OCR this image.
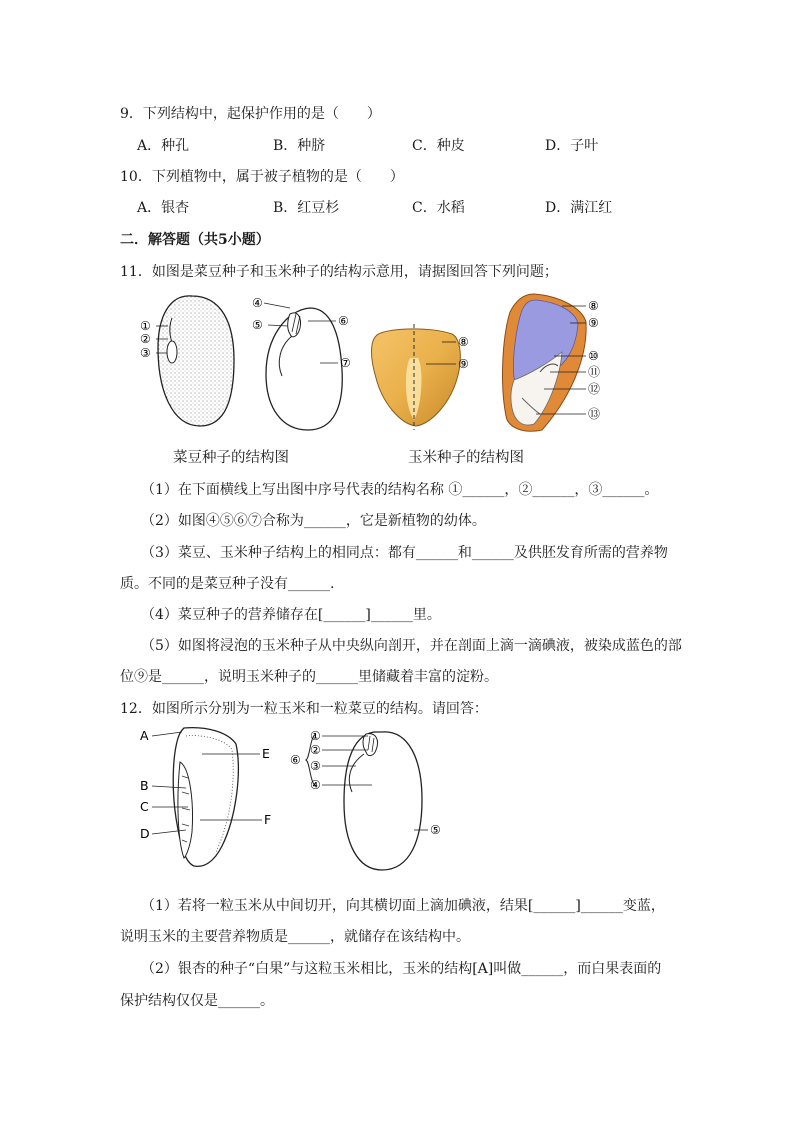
9．下列结构中，起保护作用的是（　　）
A．种孔	B．种脐	C．种皮	D．子叶
10．下列植物中，属于被子植物的是（　　）
A．银杏	B．红豆杉	C．水稻	D．满江红
二．解答题（共5小题）
11．如图是菜豆种子和玉米种子的结构示意用，请据图回答下列问题；
①
②
③
④
⑤	⑥
⑦
⑧
⑨
⑧
⑨
⑩
⑪
⑫
⑬
菜豆种子的结构图	玉米种子的结构图
（1）在下面横线上写出图中序号代表的结构名称 ①______，②______，③______。
（2）如图④⑤⑥⑦合称为______，它是新植物的幼体。
（3）菜豆、玉米种子结构上的相同点：都有______和______及供胚发育所需的营养物
质。不同的是菜豆种子没有______.
（4）菜豆种子的营养储存在[______]______里。
（5）如图将浸泡的玉米种子从中央纵向剖开，并在剖面上滴一滴碘液，被染成蓝色的部
位⑨是______，说明玉米种子的______里储藏着丰富的淀粉。
12．如图所示分别为一粒玉米和一粒菜豆的结构。请回答：
A
B
C
D
E
F
①
②
③
④
⑤
⑥
（1）若将一粒玉米从中间切开，向其横切面上滴加碘液，结果[______]______变蓝，
说明玉米的主要营养物质是______，就储存在该结构中。
（2）银杏的种子“白果”与这粒玉米相比，玉米的结构[A]叫做______，而白果表面的
保护结构仅仅是______。
